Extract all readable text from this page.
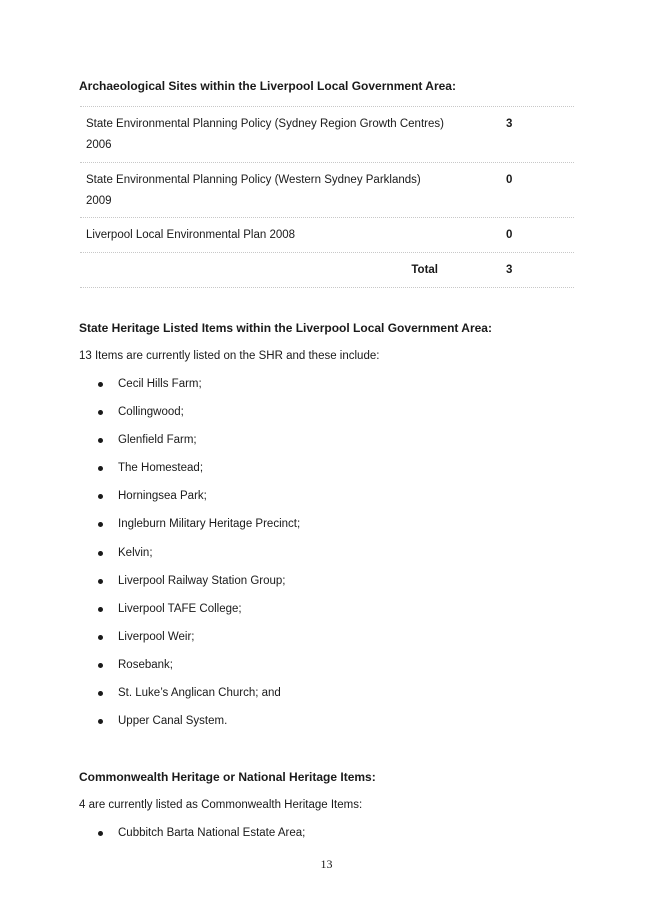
Archaeological Sites within the Liverpool Local Government Area:
State Environmental Planning Policy (Sydney Region Growth Centres) 2006
3
State Environmental Planning Policy (Western Sydney Parklands) 2009
0
Liverpool Local Environmental Plan 2008	0
Total	3
State Heritage Listed Items within the Liverpool Local Government Area:
13 Items are currently listed on the SHR and these include:
Cecil Hills Farm;
Collingwood;
Glenfield Farm;
The Homestead;
Horningsea Park;
Ingleburn Military Heritage Precinct;
Kelvin;
Liverpool Railway Station Group;
Liverpool TAFE College;
Liverpool Weir;
Rosebank;
St. Luke’s Anglican Church; and
Upper Canal System.
Commonwealth Heritage or National Heritage Items:
4 are currently listed as Commonwealth Heritage Items:
Cubbitch Barta National Estate Area;
13
